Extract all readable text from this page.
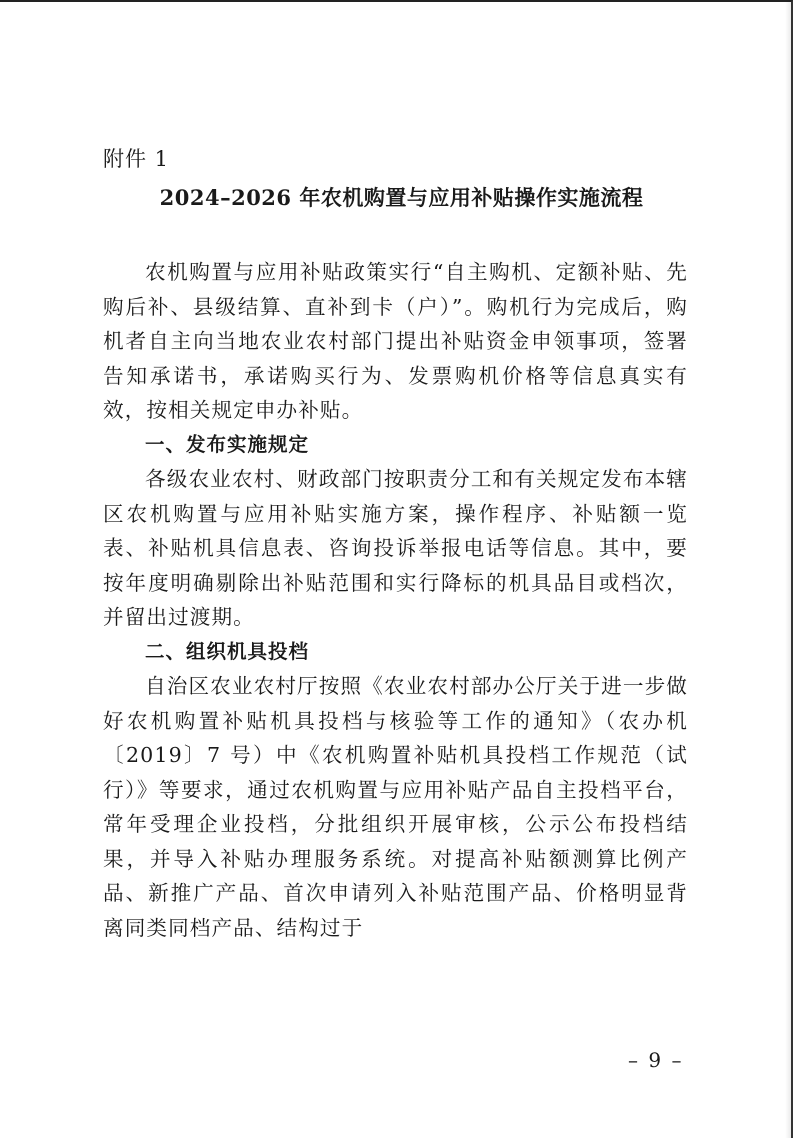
附件 1
2024–2026 年农机购置与应用补贴操作实施流程

农机购置与应用补贴政策实行“自主购机、定额补贴、先购后补、县级结算、直补到卡（户）”。购机行为完成后，购机者自主向当地农业农村部门提出补贴资金申领事项，签署告知承诺书，承诺购买行为、发票购机价格等信息真实有效，按相关规定申办补贴。

一、发布实施规定

各级农业农村、财政部门按职责分工和有关规定发布本辖区农机购置与应用补贴实施方案，操作程序、补贴额一览表、补贴机具信息表、咨询投诉举报电话等信息。其中，要按年度明确剔除出补贴范围和实行降标的机具品目或档次，并留出过渡期。

二、组织机具投档

自治区农业农村厅按照《农业农村部办公厅关于进一步做好农机购置补贴机具投档与核验等工作的通知》（农办机〔2019〕7 号）中《农机购置补贴机具投档工作规范（试行）》等要求，通过农机购置与应用补贴产品自主投档平台，常年受理企业投档，分批组织开展审核，公示公布投档结果，并导入补贴办理服务系统。对提高补贴额测算比例产品、新推广产品、首次申请列入补贴范围产品、价格明显背离同类同档产品、结构过于

– 9 –
